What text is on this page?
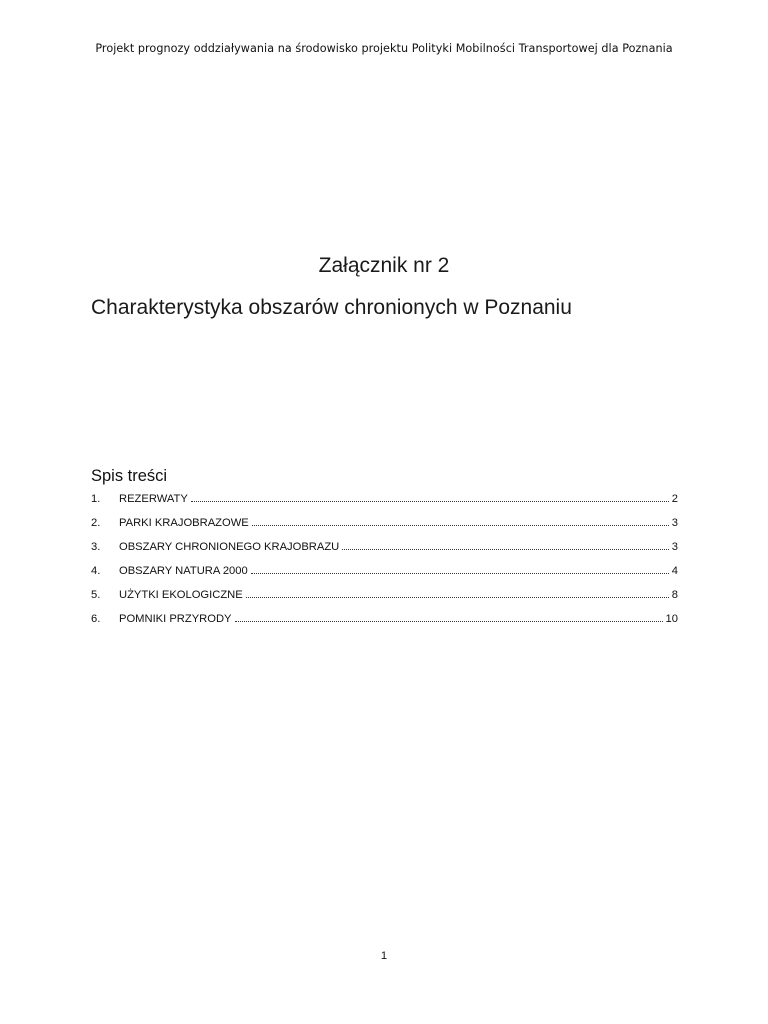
Projekt prognozy oddziaływania na środowisko projektu Polityki Mobilności Transportowej dla Poznania
Załącznik nr 2
Charakterystyka obszarów chronionych w Poznaniu
Spis treści
1.	REZERWATY	2
2.	PARKI KRAJOBRAZOWE	3
3.	OBSZARY CHRONIONEGO KRAJOBRAZU	3
4.	OBSZARY NATURA 2000	4
5.	UŻYTKI EKOLOGICZNE	8
6.	POMNIKI PRZYRODY	10
1
